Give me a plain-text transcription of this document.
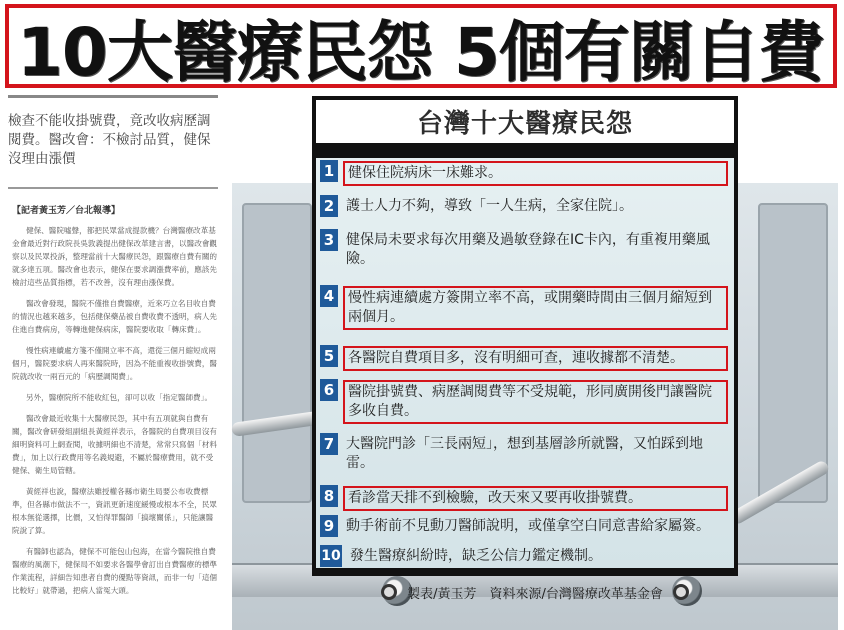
10大醫療民怨 5個有關自費
檢查不能收掛號費，竟改收病歷調閱費。醫改會：不檢討品質，健保沒理由漲價
【記者黃玉芳／台北報導】
健保、醫院噓聲，都把民眾當成提款機？台灣醫療改革基金會最近對行政院長吳敦義提出健保改革建言書，以醫改會觀察以及民眾投訴，整理當前十大醫療民怨，跟醫療自費有關的就多達五項。醫改會也表示，健保在要求調漲費率前，應該先檢討這些品質指標，若不改善，沒有理由漲保費。
醫改會發現，醫院不僅推自費醫療，近來巧立名目收自費的情況也越來越多，包括健保藥品被自費收費不透明，病人先住進自費病房，等轉進健保病床，醫院要收取「轉床費」。
慢性病連續處方箋不僅開立率不高，還從三個月縮短成兩個月，醫院要求病人再來醫院時，因為不能重複收掛號費，醫院就改收一兩百元的「病歷調閱費」。
另外，醫療院所不能收紅包，卻可以收「指定醫師費」。
醫改會最近收集十大醫療民怨，其中有五項就與自費有關，醫改會研發組副組長黃經祥表示，各醫院的自費項目沒有細明資料可上網查閱，收據明細也不清楚，常常只寫個「材料費」，加上以行政費用等名義規避，不屬於醫療費用，就不受健保、衛生局管轄。
黃經祥也說，醫療法雖授權各縣市衛生局要公布收費標準，但各縣市做法不一，資訊更新速度緩慢或根本不全，民眾根本無從選擇，比價，又怕得罪醫師「搞壞關係」，只能讓醫院說了算。
有醫師也認為，健保不可能包山包海，在當今醫院推自費醫療的風潮下，健保局不如要求各醫學會訂出自費醫療的標準作業流程，詳細告知患者自費的優點等資訊，而非一句「這個比較好」就帶過，把病人當冤大頭。
台灣十大醫療民怨
1 健保住院病床一床難求。
2 護士人力不夠，導致「一人生病，全家住院」。
3 健保局未要求每次用藥及過敏登錄在IC卡內，有重複用藥風險。
4 慢性病連續處方簽開立率不高，或開藥時間由三個月縮短到兩個月。
5 各醫院自費項目多，沒有明細可查，連收據都不清楚。
6 醫院掛號費、病歷調閱費等不受規範，形同廣開後門讓醫院多收自費。
7 大醫院門診「三長兩短」，想到基層診所就醫，又怕踩到地雷。
8 看診當天排不到檢驗，改天來又要再收掛號費。
9 動手術前不見動刀醫師說明，或僅拿空白同意書給家屬簽。
10 發生醫療糾紛時，缺乏公信力鑑定機制。
製表/黃玉芳　資料來源/台灣醫療改革基金會
